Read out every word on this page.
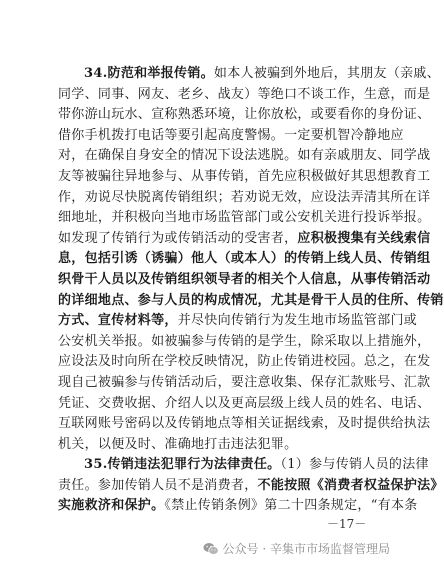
34.防范和举报传销。如本人被骗到外地后，其朋友（亲戚、
同学、同事、网友、老乡、战友）等绝口不谈工作，生意，而是
带你游山玩水、宣称熟悉环境，让你放松，或要看你的身份证、
借你手机拨打电话等要引起高度警惕。一定要机智冷静地应
对，在确保自身安全的情况下设法逃脱。如有亲戚朋友、同学战
友等被骗往异地参与、从事传销，首先应积极做好其思想教育工
作，劝说尽快脱离传销组织；若劝说无效，应设法弄清其所在详
细地址，并积极向当地市场监管部门或公安机关进行投诉举报。
如发现了传销行为或传销活动的受害者，应积极搜集有关线索信
息，包括引诱（诱骗）他人（或本人）的传销上线人员、传销组
织骨干人员以及传销组织领导者的相关个人信息，从事传销活动
的详细地点、参与人员的构成情况，尤其是骨干人员的住所、传销
方式、宣传材料等，并尽快向传销行为发生地市场监管部门或
公安机关举报。如被骗参与传销的是学生，除采取以上措施外，
应设法及时向所在学校反映情况，防止传销进校园。总之，在发
现自己被骗参与传销活动后，要注意收集、保存汇款账号、汇款
凭证、交费收据、介绍人以及更高层级上线人员的姓名、电话、
互联网账号密码以及传销地点等相关证据线索，及时提供给执法
机关，以便及时、准确地打击违法犯罪。
35.传销违法犯罪行为法律责任。（1）参与传销人员的法律
责任。参加传销人员不是消费者，不能按照《消费者权益保护法》
实施救济和保护。《禁止传销条例》第二十四条规定，“有本条
－17－
公众号 · 辛集市市场监督管理局
